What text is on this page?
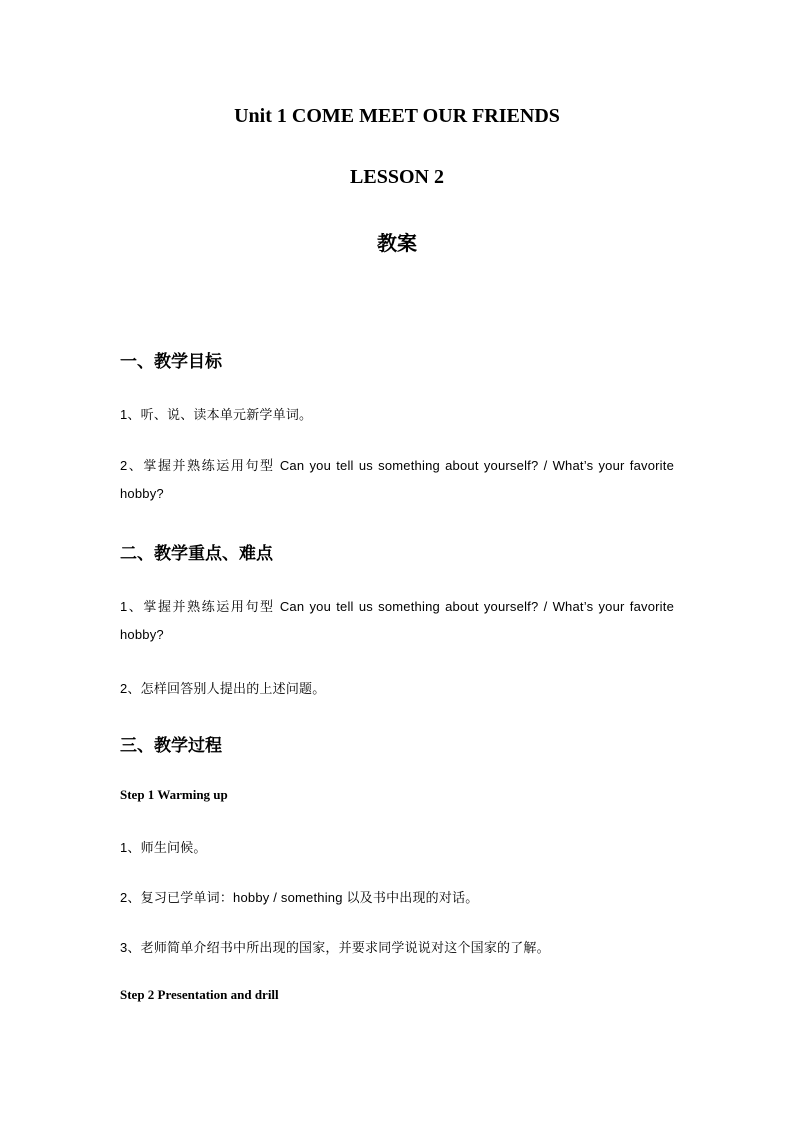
Unit 1 COME MEET OUR FRIENDS
LESSON 2
教案
一、教学目标
1、听、说、读本单元新学单词。
2、掌握并熟练运用句型 Can you tell us something about yourself? / What’s your favorite
hobby?
二、教学重点、难点
1、掌握并熟练运用句型 Can you tell us something about yourself? / What’s your favorite
hobby?
2、怎样回答别人提出的上述问题。
三、教学过程
Step 1 Warming up
1、师生问候。
2、复习已学单词：hobby / something 以及书中出现的对话。
3、老师简单介绍书中所出现的国家，并要求同学说说对这个国家的了解。
Step 2 Presentation and drill
